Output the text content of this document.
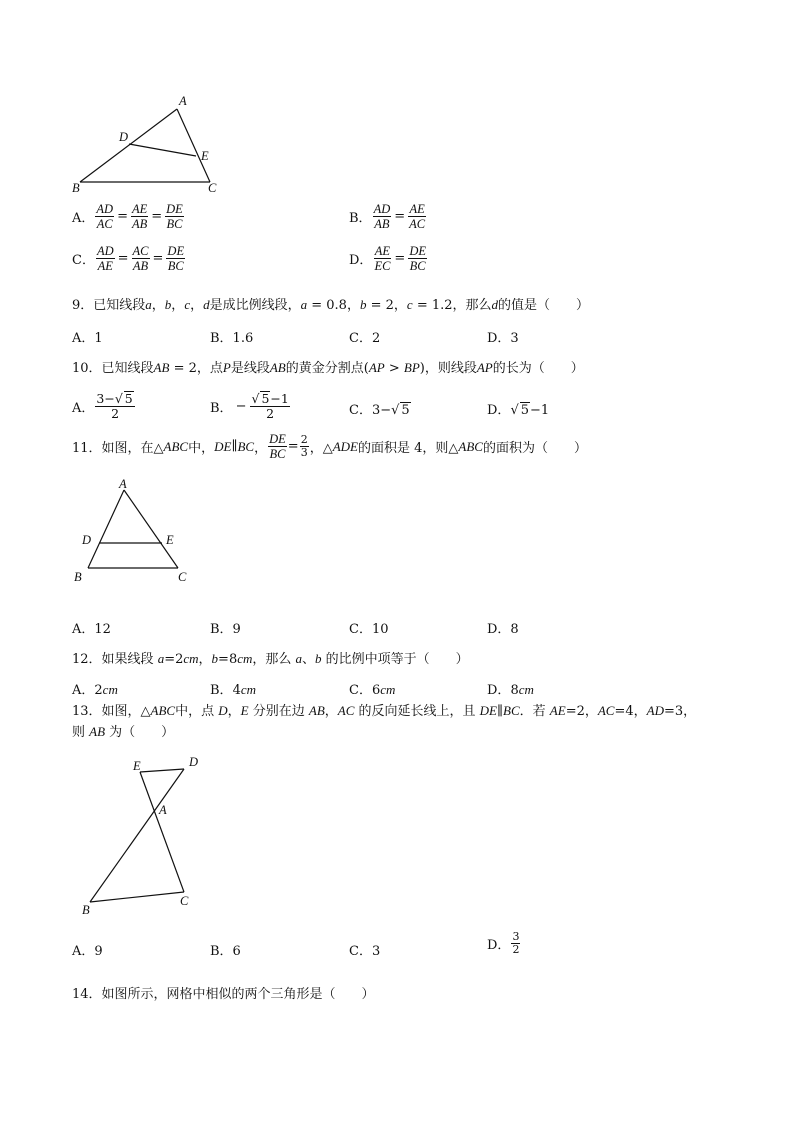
A
D
E
B	C
A． $\frac{AD}{AC} = \frac{AE}{AB} = \frac{DE}{BC}$	B． $\frac{AD}{AB} = \frac{AE}{AC}$
C． $\frac{AD}{AE} = \frac{AC}{AB} = \frac{DE}{BC}$	D． $\frac{AE}{EC} = \frac{DE}{BC}$
9．已知线段a，b，c，d是成比例线段，a = 0.8，b = 2，c = 1.2，那么d的值是（　　）
A．1	B．1.6	C．2	D．3
10．已知线段AB = 2，点P是线段AB的黄金分割点(AP > BP)，则线段AP的长为（　　）
A． $\frac{3-√ 5}{2}$	B． − $\frac{√ 5-1}{2}$	C．3−√ 5	D．√ 5−1
11．如图，在△ ABC 中， DE ∥ BC ， $\frac{DE}{BC} = \frac{2}{3}$ ，△ ADE 的面积是 4，则△ ABC 的面积为（　　）
A
D	E
B	C
A．12	B．9	C．10	D．8
12．如果线段 a=2cm，b=8cm，那么 a、b 的比例中项等于（　　）
A．2cm	B．4cm	C．6cm	D．8cm
13．如图，△ABC中，点 D，E 分别在边 AB，AC 的反向延长线上，且 DE∥BC．若 AE=2，AC=4，AD=3，
则 AB 为（　　）
E	D
A
B
C
A．9	B．6	C．3	D． $\frac{3}{2}$
14．如图所示，网格中相似的两个三角形是（　　）
